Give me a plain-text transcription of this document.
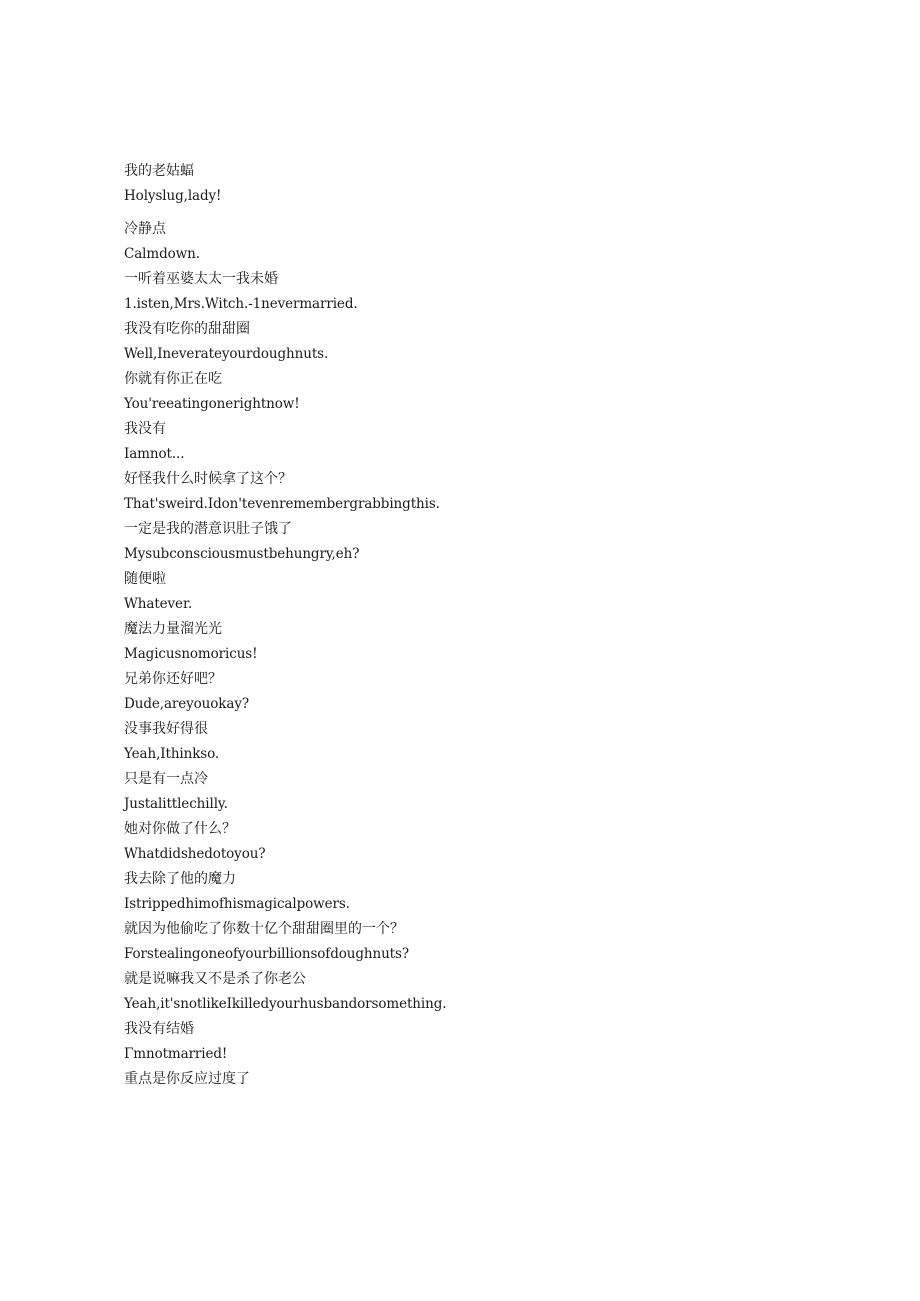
我的老姑蝠

Holyslug,lady!

冷静点

Calmdown.

一听着巫婆太太一我未婚

1.isten,Mrs.Witch.-1nevermarried.

我没有吃你的甜甜圈

Well,Ineverateyourdoughnuts.

你就有你正在吃

You'reeatingonerightnow!

我没有

Iamnot...

好怪我什么时候拿了这个？

That'sweird.Idon'tevenremembergrabbingthis.

一定是我的潜意识肚子饿了

Mysubconsciousmustbehungry,eh?

随便啦

Whatever.

魔法力量溜光光

Magicusnomoricus!

兄弟你还好吧？

Dude,areyouokay?

没事我好得很

Yeah,Ithinkso.

只是有一点冷

Justalittlechilly.

她对你做了什么？

Whatdidshedotoyou?

我去除了他的魔力

Istrippedhimofhismagicalpowers.

就因为他偷吃了你数十亿个甜甜圈里的一个？

Forstealingoneofyourbillionsofdoughnuts?

就是说嘛我又不是杀了你老公

Yeah,it'snotlikeIkilledyourhusbandorsomething.

我没有结婚

Γmnotmarried!

重点是你反应过度了
